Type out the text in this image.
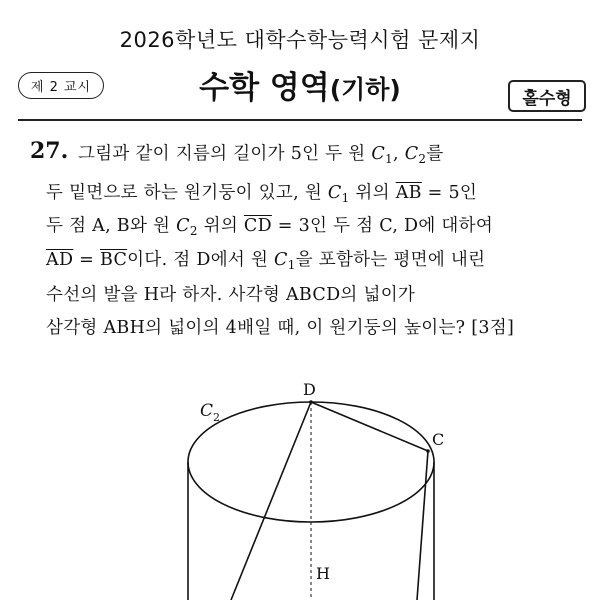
2026학년도 대학수학능력시험 문제지
제 2 교시	수학 영역(기하)	홀수형
27. 그림과 같이 지름의 길이가 5인 두 원 $C_1$, $C_2$를
두 밑면으로 하는 원기둥이 있고, 원 $C_1$ 위의 $\overline{AB} = 5$인
두 점 A, B와 원 $C_2$ 위의 $\overline{CD} = 3$인 두 점 C, D에 대하여
$\overline{AD} = \overline{BC}$이다. 점 D에서 원 $C_1$을 포함하는 평면에 내린
수선의 발을 H라 하자. 사각형 ABCD의 넓이가
삼각형 ABH의 넓이의 4배일 때, 이 원기둥의 높이는? [3점]
$C_2$
D
C
H
